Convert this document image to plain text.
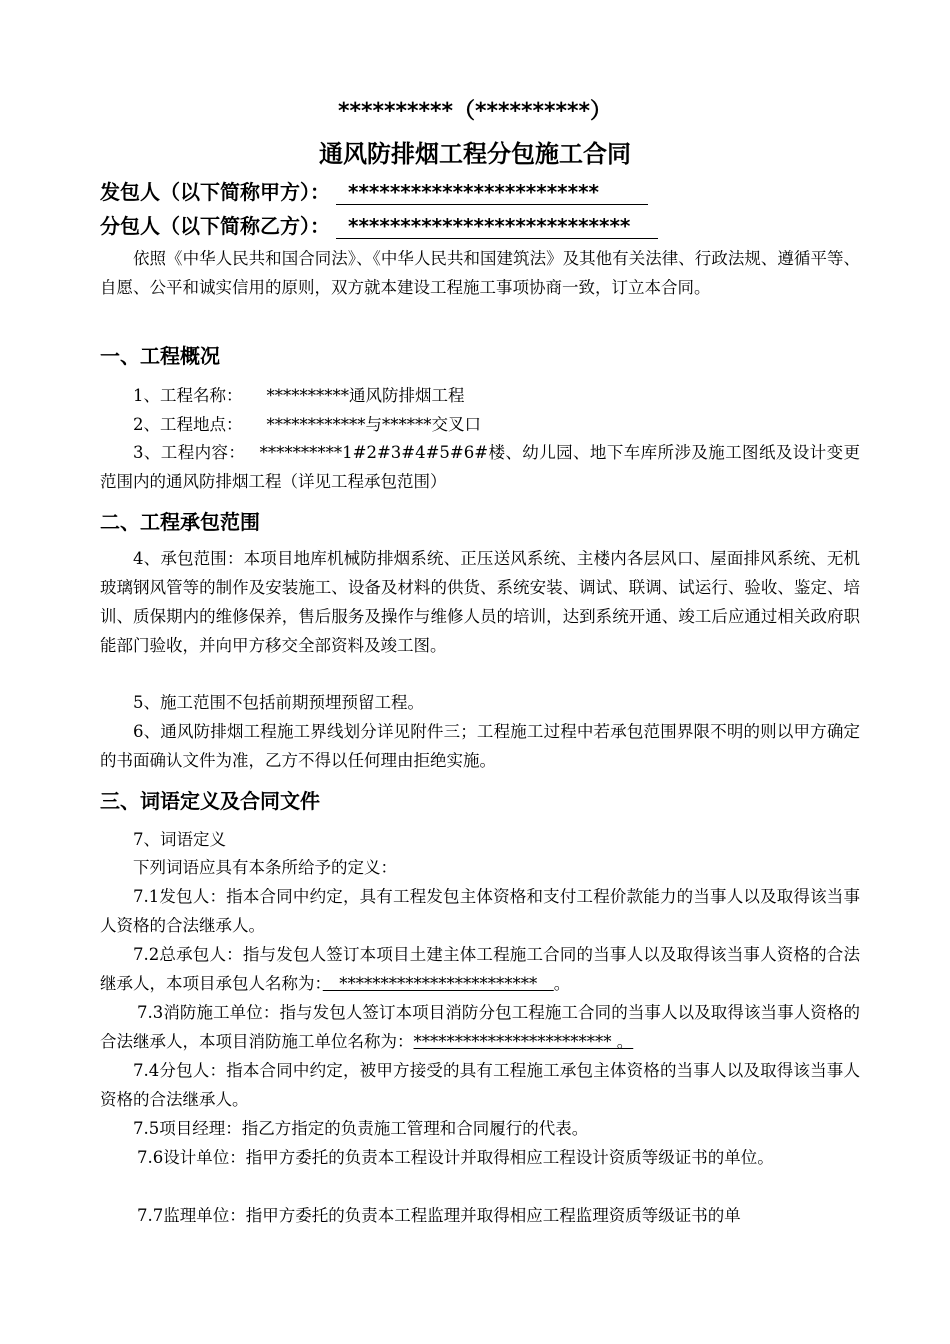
**********（**********）
通风防排烟工程分包施工合同
发包人（以下简称甲方）： ************************
分包人（以下简称乙方）： ***************************
依照《中华人民共和国合同法》、《中华人民共和国建筑法》及其他有关法律、行政法规、遵循平等、自愿、公平和诚实信用的原则，双方就本建设工程施工事项协商一致，订立本合同。
一、工程概况
1、工程名称： **********通风防排烟工程
2、工程地点： ************与******交叉口
3、工程内容：　 **********1#2#3#4#5#6#楼、幼儿园、地下车库所涉及施工图纸及设计变更范围内的通风防排烟工程（详见工程承包范围）
二、工程承包范围
4、承包范围：本项目地库机械防排烟系统、正压送风系统、主楼内各层风口、屋面排风系统、无机玻璃钢风管等的制作及安装施工、设备及材料的供货、系统安装、调试、联调、试运行、验收、鉴定、培训、质保期内的维修保养，售后服务及操作与维修人员的培训，达到系统开通、竣工后应通过相关政府职能部门验收，并向甲方移交全部资料及竣工图。
5、施工范围不包括前期预埋预留工程。
6、通风防排烟工程施工界线划分详见附件三；工程施工过程中若承包范围界限不明的则以甲方确定的书面确认文件为准，乙方不得以任何理由拒绝实施。
三、词语定义及合同文件
7、词语定义
下列词语应具有本条所给予的定义：
7.1发包人：指本合同中约定，具有工程发包主体资格和支付工程价款能力的当事人以及取得该当事人资格的合法继承人。
7.2总承包人：指与发包人签订本项目土建主体工程施工合同的当事人以及取得该当事人资格的合法继承人，本项目承包人名称为：　************************　。
7.3消防施工单位：指与发包人签订本项目消防分包工程施工合同的当事人以及取得该当事人资格的合法继承人，本项目消防施工单位名称为：************************ 。
7.4分包人：指本合同中约定，被甲方接受的具有工程施工承包主体资格的当事人以及取得该当事人资格的合法继承人。
7.5项目经理：指乙方指定的负责施工管理和合同履行的代表。
7.6设计单位：指甲方委托的负责本工程设计并取得相应工程设计资质等级证书的单位。
7.7监理单位：指甲方委托的负责本工程监理并取得相应工程监理资质等级证书的单
